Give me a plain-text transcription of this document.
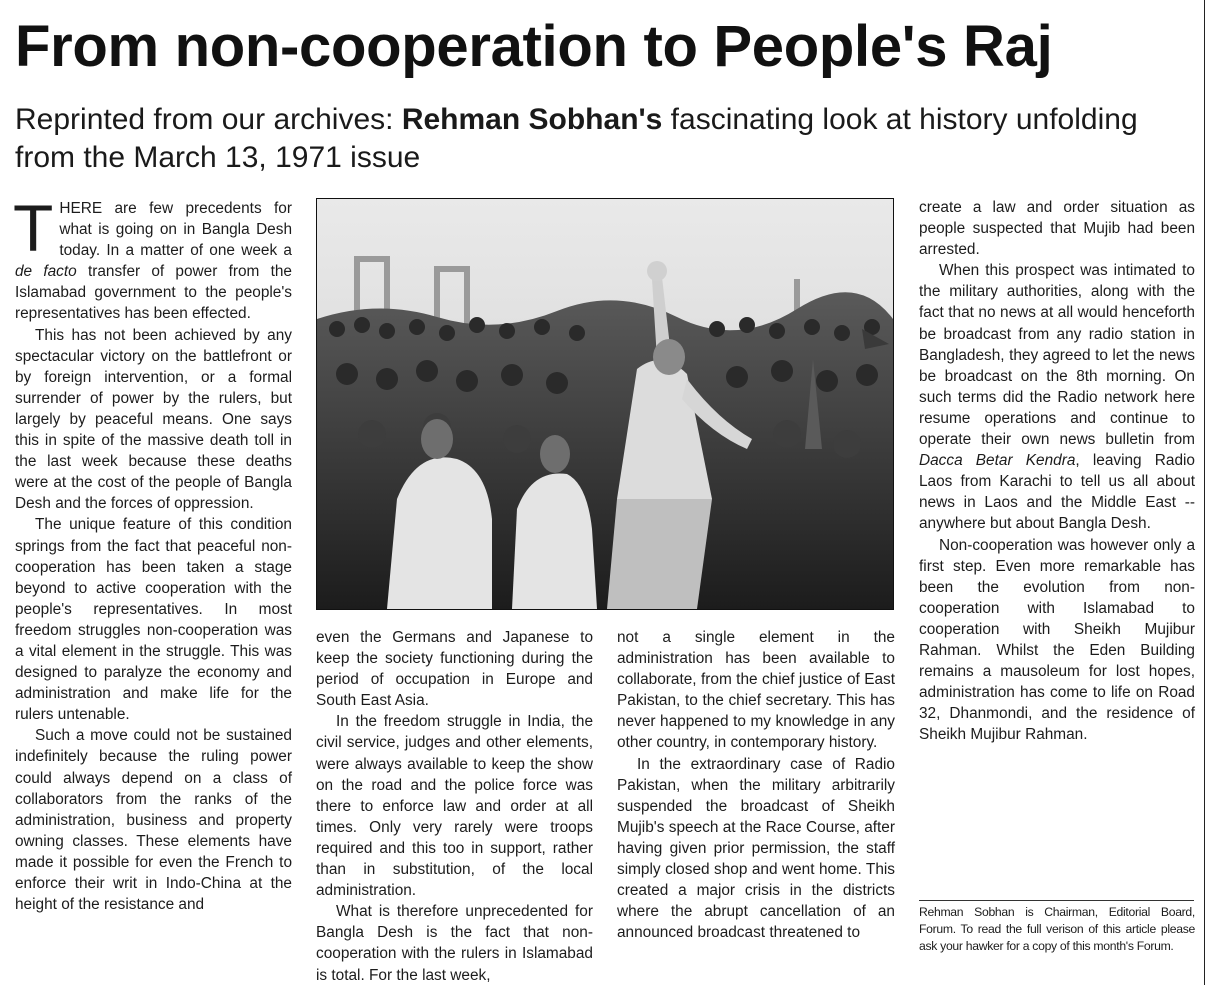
From non-cooperation to People's Raj
Reprinted from our archives: Rehman Sobhan's fascinating look at history unfolding from the March 13, 1971 issue

THERE are few precedents for what is going on in Bangla Desh today. In a matter of one week a de facto transfer of power from the Islamabad government to the people's representatives has been effected.

This has not been achieved by any spectacular victory on the battlefront or by foreign intervention, or a formal surrender of power by the rulers, but largely by peaceful means. One says this in spite of the massive death toll in the last week because these deaths were at the cost of the people of Bangla Desh and the forces of oppression.

The unique feature of this condition springs from the fact that peaceful non-cooperation has been taken a stage beyond to active cooperation with the people's representatives. In most freedom struggles non-cooperation was a vital element in the struggle. This was designed to paralyze the economy and administration and make life for the rulers untenable.

Such a move could not be sustained indefinitely because the ruling power could always depend on a class of collaborators from the ranks of the administration, business and property owning classes. These elements have made it possible for even the French to enforce their writ in Indo-China at the height of the resistance and

even the Germans and Japanese to keep the society functioning during the period of occupation in Europe and South East Asia.

In the freedom struggle in India, the civil service, judges and other elements, were always available to keep the show on the road and the police force was there to enforce law and order at all times. Only very rarely were troops required and this too in support, rather than in substitution, of the local administration.

What is therefore unprecedented for Bangla Desh is the fact that non-cooperation with the rulers in Islamabad is total. For the last week,

not a single element in the administration has been available to collaborate, from the chief justice of East Pakistan, to the chief secretary. This has never happened to my knowledge in any other country, in contemporary history.

In the extraordinary case of Radio Pakistan, when the military arbitrarily suspended the broadcast of Sheikh Mujib's speech at the Race Course, after having given prior permission, the staff simply closed shop and went home. This created a major crisis in the districts where the abrupt cancellation of an announced broadcast threatened to

create a law and order situation as people suspected that Mujib had been arrested.

When this prospect was intimated to the military authorities, along with the fact that no news at all would henceforth be broadcast from any radio station in Bangladesh, they agreed to let the news be broadcast on the 8th morning. On such terms did the Radio network here resume operations and continue to operate their own news bulletin from Dacca Betar Kendra, leaving Radio Laos from Karachi to tell us all about news in Laos and the Middle East -- anywhere but about Bangla Desh.

Non-cooperation was however only a first step. Even more remarkable has been the evolution from non-cooperation with Islamabad to cooperation with Sheikh Mujibur Rahman. Whilst the Eden Building remains a mausoleum for lost hopes, administration has come to life on Road 32, Dhanmondi, and the residence of Sheikh Mujibur Rahman.

Rehman Sobhan is Chairman, Editorial Board, Forum. To read the full verison of this article please ask your hawker for a copy of this month's Forum.
